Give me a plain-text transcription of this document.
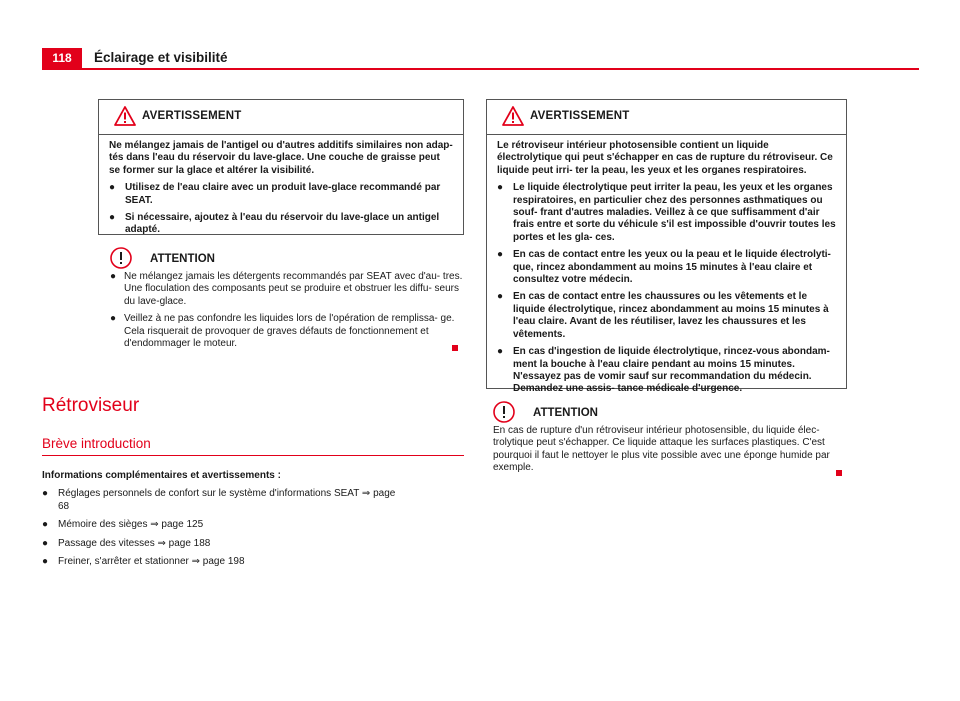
118	Éclairage et visibilité
AVERTISSEMENT

Ne mélangez jamais de l'antigel ou d'autres additifs similaires non adap- tés dans l'eau du réservoir du lave-glace. Une couche de graisse peut se former sur la glace et altérer la visibilité.

● Utilisez de l'eau claire avec un produit lave-glace recommandé par SEAT.
● Si nécessaire, ajoutez à l'eau du réservoir du lave-glace un antigel adapté.
ATTENTION
● Ne mélangez jamais les détergents recommandés par SEAT avec d'au- tres. Une floculation des composants peut se produire et obstruer les diffu- seurs du lave-glace.
● Veillez à ne pas confondre les liquides lors de l'opération de remplissa- ge. Cela risquerait de provoquer de graves défauts de fonctionnement et d'endommager le moteur.
Rétroviseur
Brève introduction
Informations complémentaires et avertissements :
● Réglages personnels de confort sur le système d'informations SEAT ⇒ page 68
● Mémoire des sièges ⇒ page 125
● Passage des vitesses ⇒ page 188
● Freiner, s'arrêter et stationner ⇒ page 198
AVERTISSEMENT

Le rétroviseur intérieur photosensible contient un liquide électrolytique qui peut s'échapper en cas de rupture du rétroviseur. Ce liquide peut irri- ter la peau, les yeux et les organes respiratoires.

● Le liquide électrolytique peut irriter la peau, les yeux et les organes respiratoires, en particulier chez des personnes asthmatiques ou souf- frant d'autres maladies. Veillez à ce que suffisamment d'air frais entre et sorte du véhicule s'il est impossible d'ouvrir toutes les portes et les gla- ces.
● En cas de contact entre les yeux ou la peau et le liquide électrolyti- que, rincez abondamment au moins 15 minutes à l'eau claire et consultez votre médecin.
● En cas de contact entre les chaussures ou les vêtements et le liquide électrolytique, rincez abondamment au moins 15 minutes à l'eau claire. Avant de les réutiliser, lavez les chaussures et les vêtements.
● En cas d'ingestion de liquide électrolytique, rincez-vous abondam- ment la bouche à l'eau claire pendant au moins 15 minutes. N'essayez pas de vomir sauf sur recommandation du médecin. Demandez une assis- tance médicale d'urgence.
ATTENTION

En cas de rupture d'un rétroviseur intérieur photosensible, du liquide élec- trolytique peut s'échapper. Ce liquide attaque les surfaces plastiques. C'est pourquoi il faut le nettoyer le plus vite possible avec une éponge humide par exemple.
